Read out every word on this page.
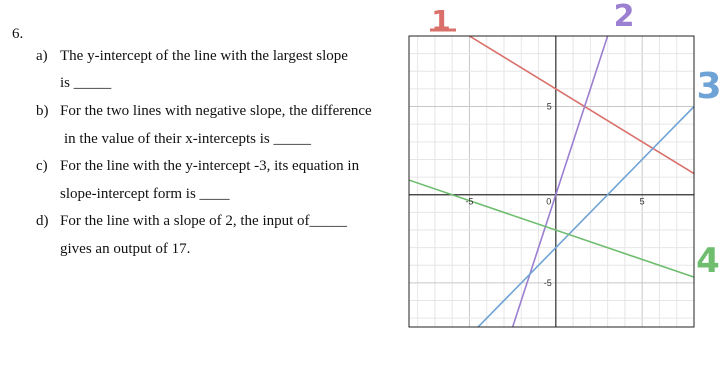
6.
a) The y-intercept of the line with the largest slope
is _____
b) For the two lines with negative slope, the difference
in the value of their x-intercepts is _____
c) For the line with the y-intercept -3, its equation in
slope-intercept form is ____
d) For the line with a slope of 2, the input of_____
gives an output of 17.
-5	0	5
5
-5
1	2
3
4
